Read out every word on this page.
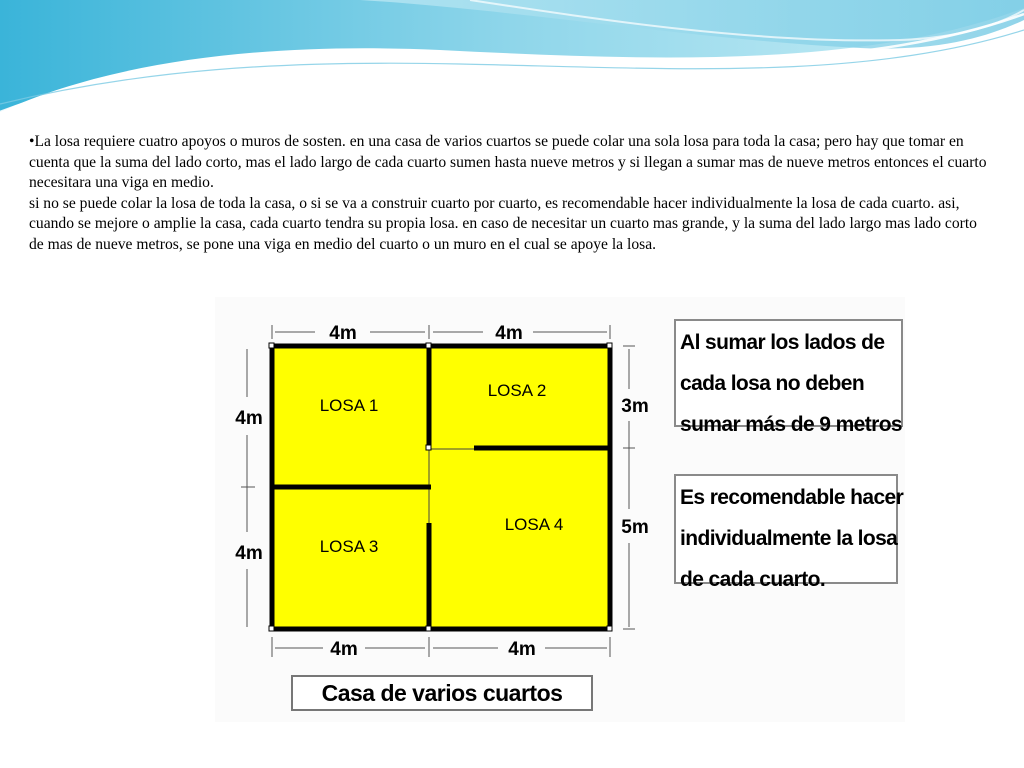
•La losa requiere cuatro apoyos o muros de sosten. en una casa de varios cuartos se puede colar una sola losa para toda la casa; pero hay que tomar en cuenta que la suma del lado corto, mas el lado largo de cada cuarto sumen hasta nueve metros y si llegan a sumar mas de nueve metros entonces el cuarto necesitara una viga en medio.

si no se puede colar la losa de toda la casa, o si se va a construir cuarto por cuarto, es recomendable hacer individualmente la losa de cada cuarto. asi, cuando se mejore o amplie la casa, cada cuarto tendra su propia losa. en caso de necesitar un cuarto mas grande, y la suma del lado largo mas lado corto de mas de nueve metros, se pone una viga en medio del cuarto o un muro en el cual se apoye la losa.

4m	4m
4m	4m
4m
4m
3m
5m
LOSA 1
LOSA 2
LOSA 3
LOSA 4
Al sumar los lados de
cada losa no deben
sumar más de 9 metros
Es recomendable hacer
individualmente la losa
de cada cuarto.
Casa de varios cuartos
